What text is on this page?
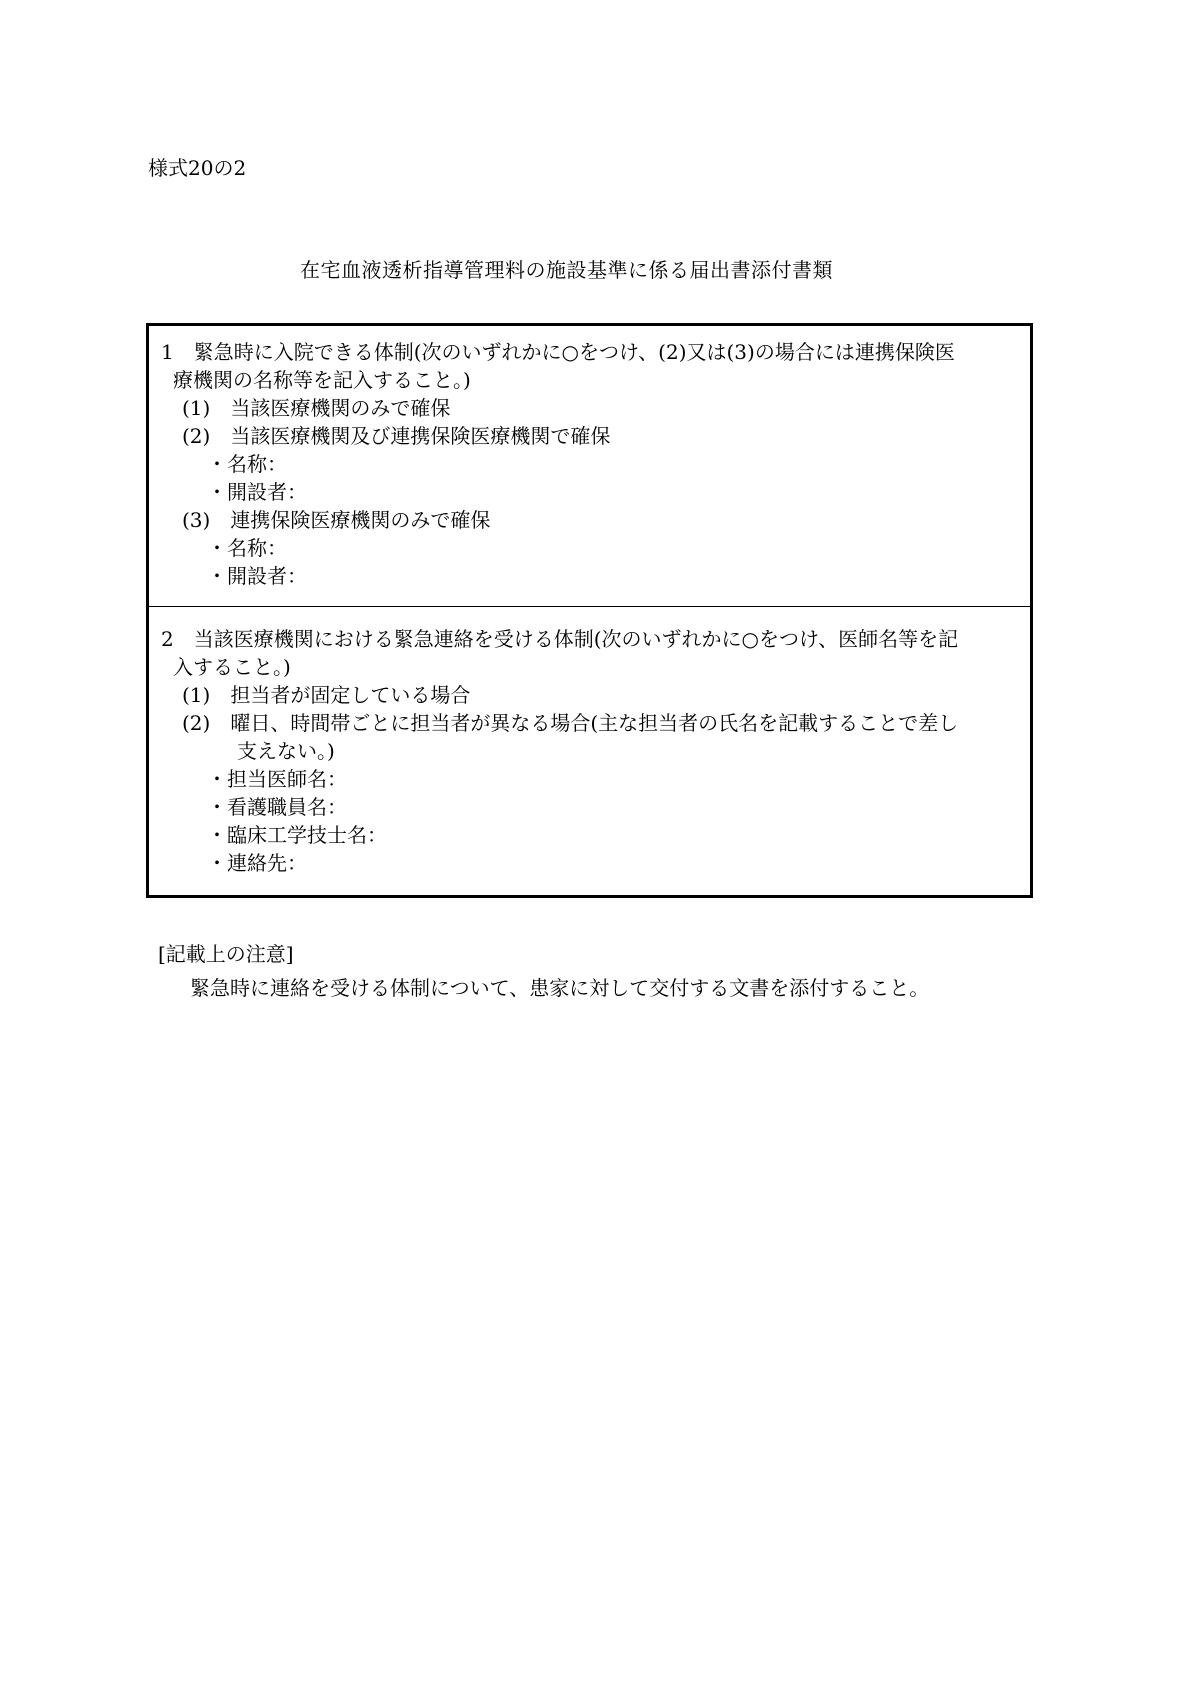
様式20の2
在宅血液透析指導管理料の施設基準に係る届出書添付書類
1　緊急時に入院できる体制(次のいずれかに○をつけ、(2)又は(3)の場合には連携保険医
療機関の名称等を記入すること。)
(1)　当該医療機関のみで確保
(2)　当該医療機関及び連携保険医療機関で確保
・名称：
・開設者：
(3)　連携保険医療機関のみで確保
・名称：
・開設者：
2　当該医療機関における緊急連絡を受ける体制(次のいずれかに○をつけ、医師名等を記
入すること。)
(1)　担当者が固定している場合
(2)　曜日、時間帯ごとに担当者が異なる場合(主な担当者の氏名を記載することで差し
支えない。)
・担当医師名：
・看護職員名：
・臨床工学技士名：
・連絡先：
[記載上の注意]
緊急時に連絡を受ける体制について、患家に対して交付する文書を添付すること。
